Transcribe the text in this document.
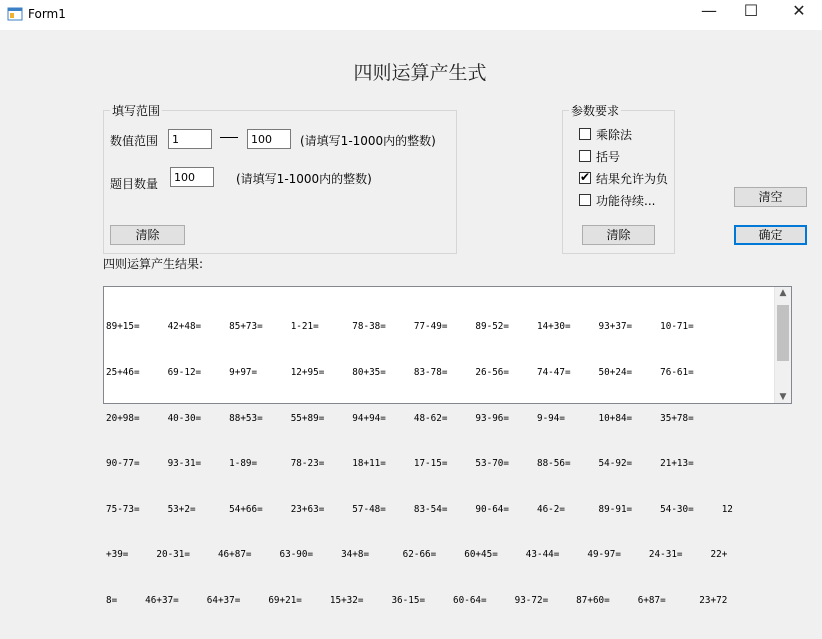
Form1	—	☐	✕
四则运算产生式
填写范围
数值范围
1
100	(请填写1-1000内的整数)
题目数量
100	(请填写1-1000内的整数)
清除
参数要求
乘除法
括号
✔ 结果允许为负
功能待续...
清除
清空
确定
四则运算产生结果:

89+15=     42+48=     85+73=     1-21=      78-38=     77-49=     89-52=     14+30=     93+37=     10-71=

25+46=     69-12=     9+97=      12+95=     80+35=     83-78=     26-56=     74-47=     50+24=     76-61=

20+98=     40-30=     88+53=     55+89=     94+94=     48-62=     93-96=     9-94=      10+84=     35+78=

90-77=     93-31=     1-89=      78-23=     18+11=     17-15=     53-70=     88-56=     54-92=     21+13=

75-73=     53+2=      54+66=     23+63=     57-48=     83-54=     90-64=     46-2=      89-91=     54-30=     12

+39=     20-31=     46+87=     63-90=     34+8=      62-66=     60+45=     43-44=     49-97=     24-31=     22+

8=     46+37=     64+37=     69+21=     15+32=     36-15=     60-64=     93-72=     87+60=     6+87=      23+72

▲
▼
